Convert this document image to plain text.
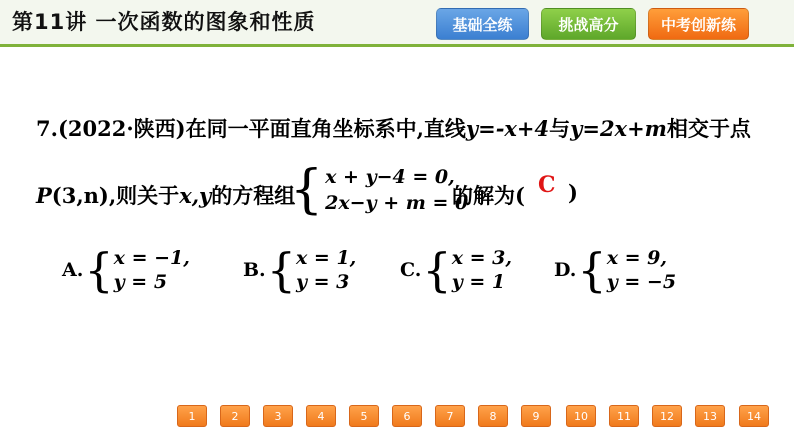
第11讲 一次函数的图象和性质	基础全练	挑战高分	中考创新练
7.(2022·陕西)在同一平面直角坐标系中,直线y=-x+4与y=2x+m相交于点
P(3,n),则关于x,y的方程组
{ x + y−4 = 0,
2x−y + m = 0
的解为( C )
A. { x = −1,
y = 5
B. { x = 1,
y = 3
C. { x = 3,
y = 1
D. { x = 9,
y = −5
1	2	3	4	5	6	7	8	9	10	11	12	13	14
